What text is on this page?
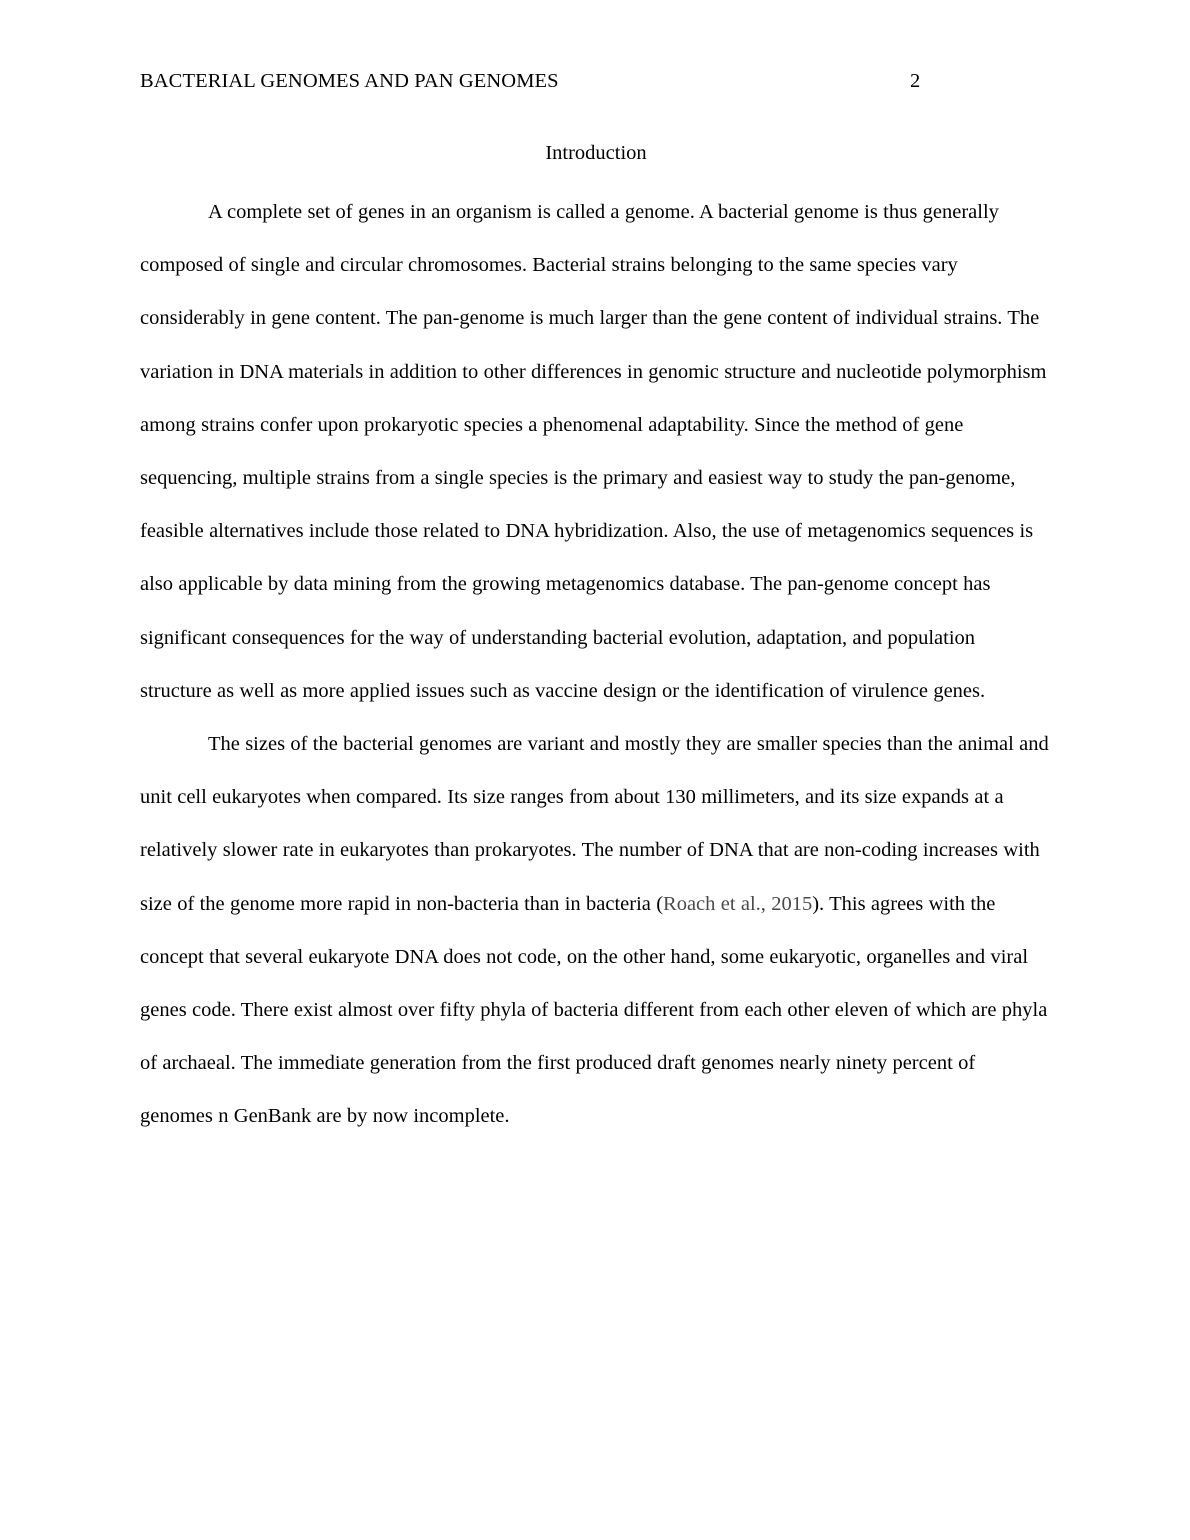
BACTERIAL GENOMES AND PAN GENOMES	2
Introduction

A complete set of genes in an organism is called a genome. A bacterial genome is thus generally composed of single and circular chromosomes. Bacterial strains belonging to the same species vary considerably in gene content. The pan-genome is much larger than the gene content of individual strains. The variation in DNA materials in addition to other differences in genomic structure and nucleotide polymorphism among strains confer upon prokaryotic species a phenomenal adaptability. Since the method of gene sequencing, multiple strains from a single species is the primary and easiest way to study the pan-genome, feasible alternatives include those related to DNA hybridization. Also, the use of metagenomics sequences is also applicable by data mining from the growing metagenomics database. The pan-genome concept has significant consequences for the way of understanding bacterial evolution, adaptation, and population structure as well as more applied issues such as vaccine design or the identification of virulence genes.

The sizes of the bacterial genomes are variant and mostly they are smaller species than the animal and unit cell eukaryotes when compared. Its size ranges from about 130 millimeters, and its size expands at a relatively slower rate in eukaryotes than prokaryotes. The number of DNA that are non-coding increases with size of the genome more rapid in non-bacteria than in bacteria (Roach et al., 2015). This agrees with the concept that several eukaryote DNA does not code, on the other hand, some eukaryotic, organelles and viral genes code. There exist almost over fifty phyla of bacteria different from each other eleven of which are phyla of archaeal. The immediate generation from the first produced draft genomes nearly ninety percent of genomes n GenBank are by now incomplete.
